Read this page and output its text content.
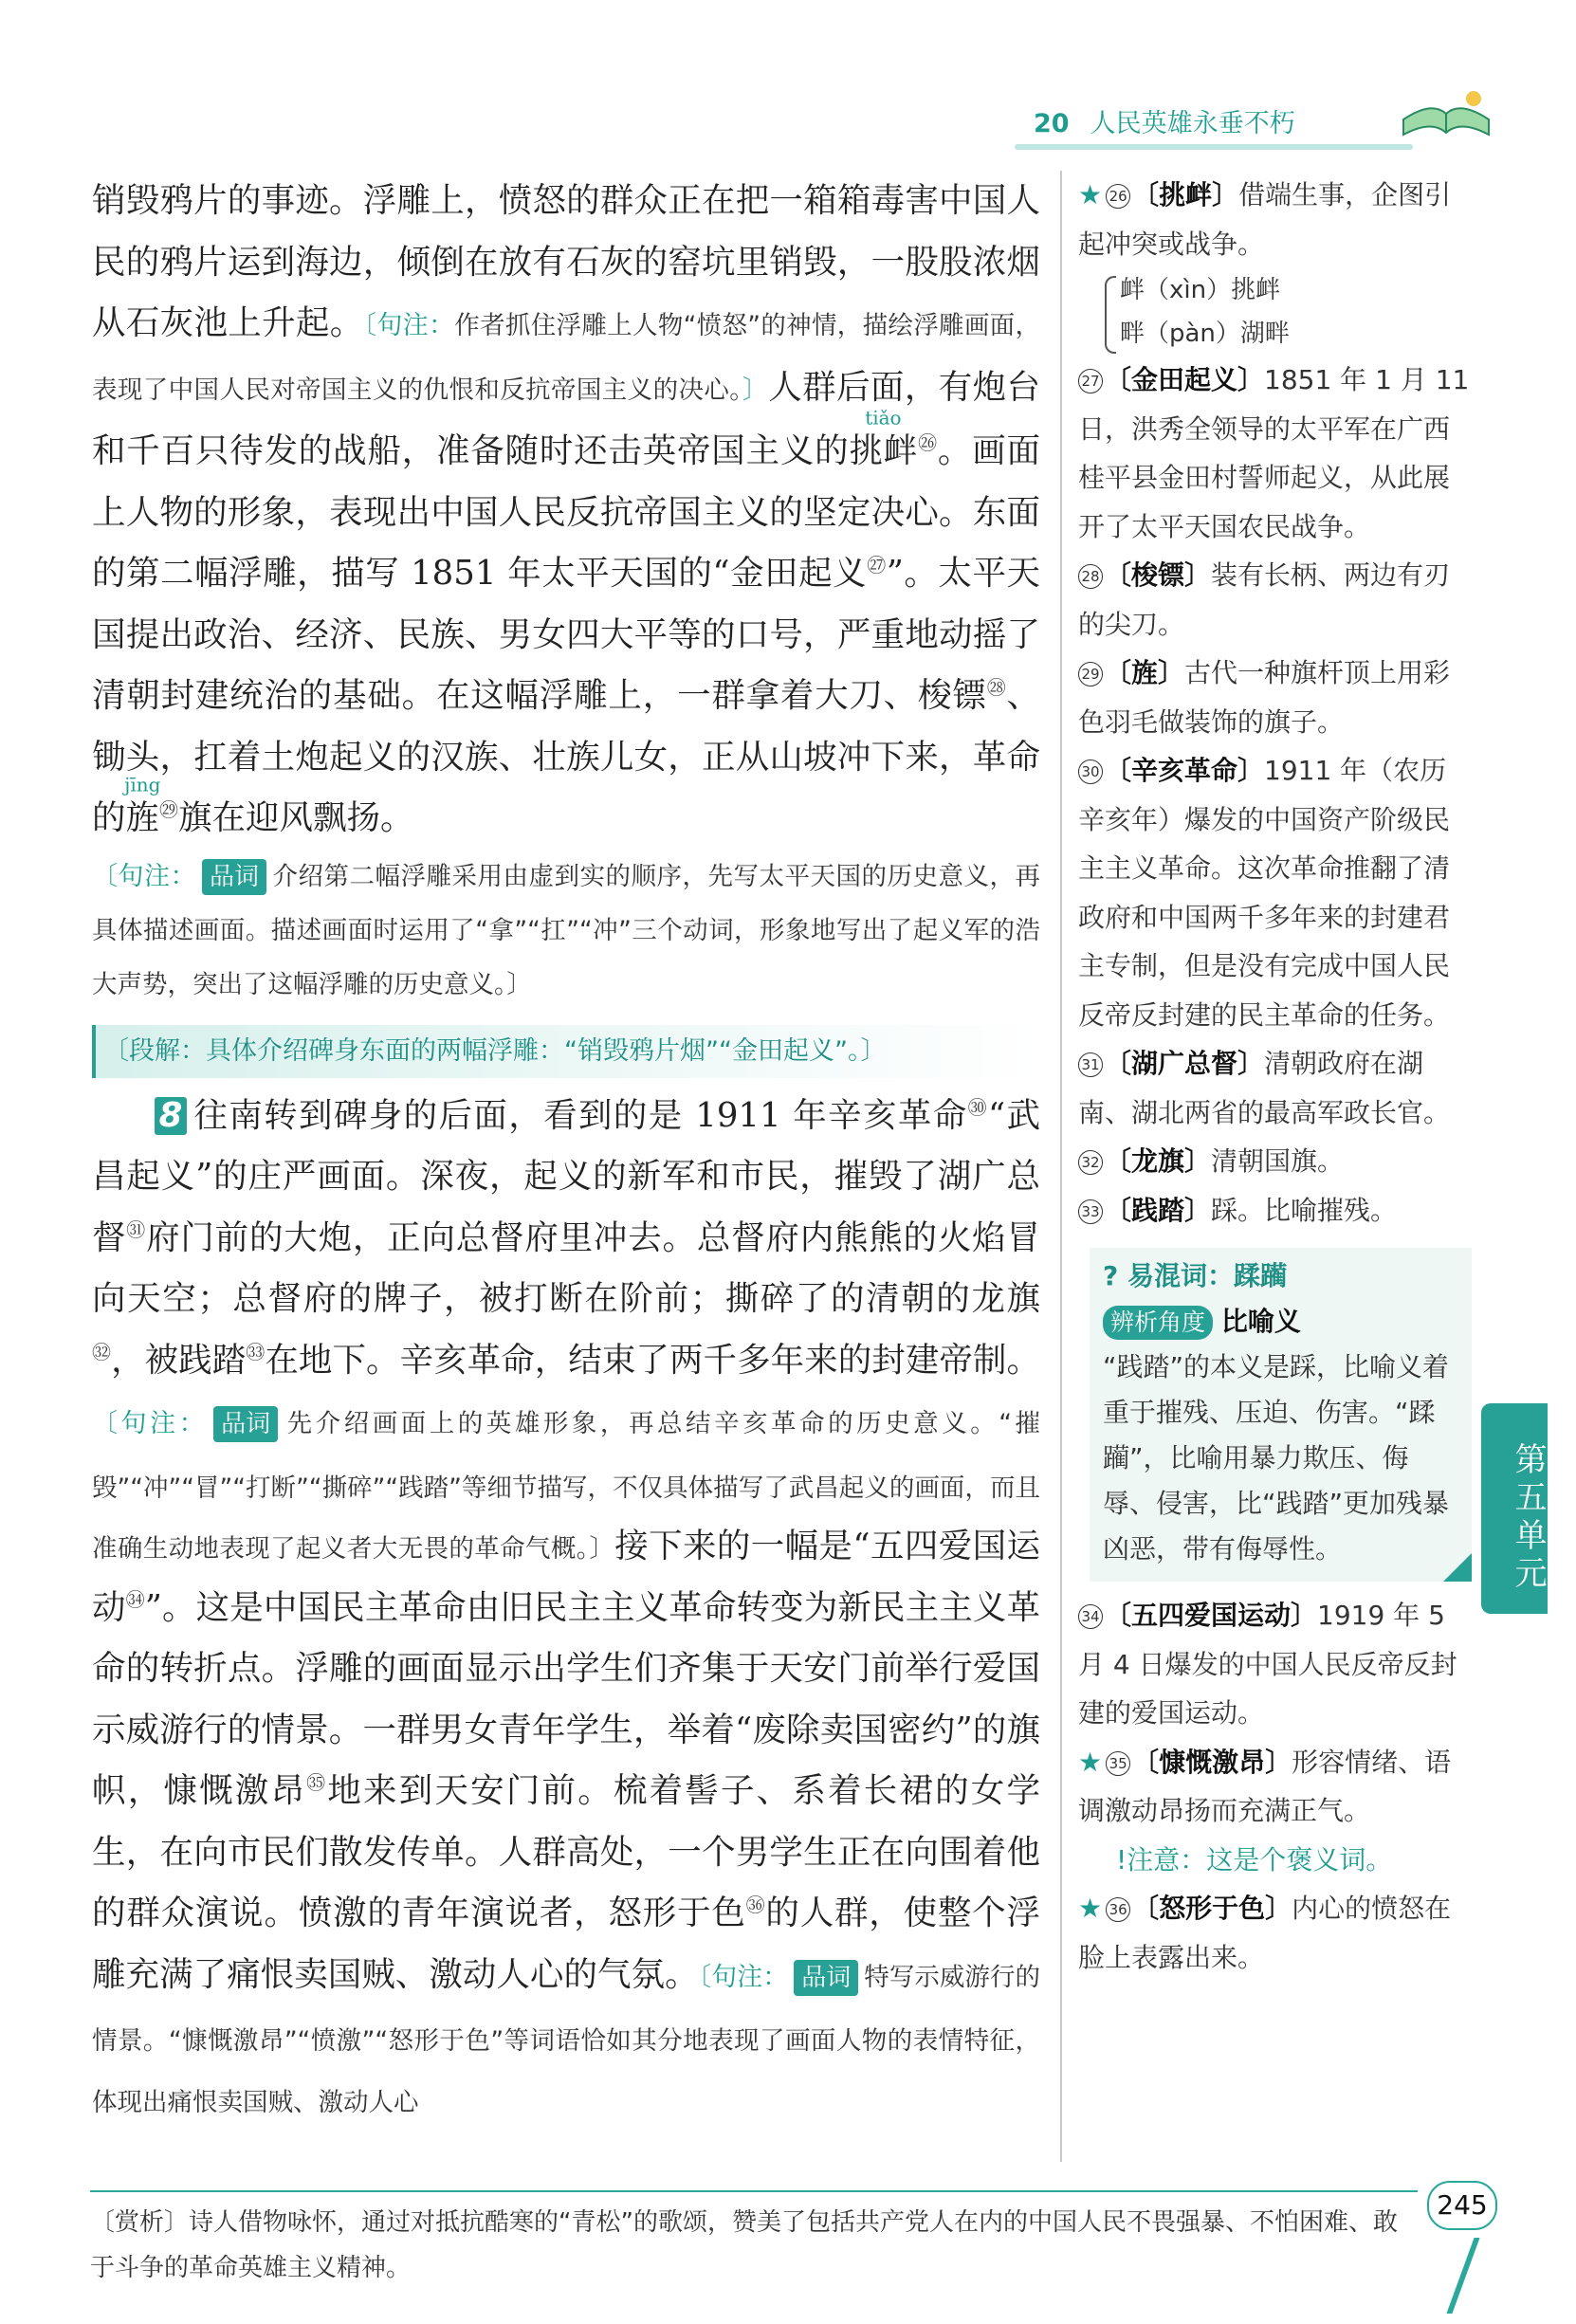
20 人民英雄永垂不朽

销毁鸦片的事迹。浮雕上，愤怒的群众正在把一箱箱毒害中国人民的鸦片运到海边，倾倒在放有石灰的窑坑里销毁，一股股浓烟从石灰池上升起。〔句注：作者抓住浮雕上人物“愤怒”的神情，描绘浮雕画面，表现了中国人民对帝国主义的仇恨和反抗帝国主义的决心。〕人群后面，有炮台和千百只待发的战船，准备随时还击英帝国主义的挑衅tiǎo$^㉖$。画面上人物的形象，表现出中国人民反抗帝国主义的坚定决心。东面的第二幅浮雕，描写 1851 年太平天国的“金田起义$^㉗$”。太平天国提出政治、经济、民族、男女四大平等的口号，严重地动摇了清朝封建统治的基础。在这幅浮雕上，一群拿着大刀、梭镖$^㉘$、锄头，扛着土炮起义的汉族、壮族儿女，正从山坡冲下来，革命的旌jīng$^㉙$旗在迎风飘扬。

〔句注： 品词 介绍第二幅浮雕采用由虚到实的顺序，先写太平天国的历史意义，再具体描述画面。描述画面时运用了“拿”“扛”“冲”三个动词，形象地写出了起义军的浩大声势，突出了这幅浮雕的历史意义。〕

〔段解：具体介绍碑身东面的两幅浮雕：“销毁鸦片烟”“金田起义”。〕

8 往南转到碑身的后面，看到的是 1911 年辛亥革命$^㉚$“武昌起义”的庄严画面。深夜，起义的新军和市民，摧毁了湖广总督$^㉛$府门前的大炮，正向总督府里冲去。总督府内熊熊的火焰冒向天空；总督府的牌子，被打断在阶前；撕碎了的清朝的龙旗$^㉜$，被践踏$^㉝$在地下。辛亥革命，结束了两千多年来的封建帝制。〔句注： 品词 先介绍画面上的英雄形象，再总结辛亥革命的历史意义。“摧毁”“冲”“冒”“打断”“撕碎”“践踏”等细节描写，不仅具体描写了武昌起义的画面，而且准确生动地表现了起义者大无畏的革命气概。〕接下来的一幅是“五四爱国运动$^㉞$”。这是中国民主革命由旧民主主义革命转变为新民主主义革命的转折点。浮雕的画面显示出学生们齐集于天安门前举行爱国示威游行的情景。一群男女青年学生，举着“废除卖国密约”的旗帜，慷慨激昂$^㉟$地来到天安门前。梳着髻子、系着长裙的女学生，在向市民们散发传单。人群高处，一个男学生正在向围着他的群众演说。愤激的青年演说者，怒形于色$^㊱$的人群，使整个浮雕充满了痛恨卖国贼、激动人心的气氛。〔句注： 品词 特写示威游行的情景。“慷慨激昂”“愤激”“怒形于色”等词语恰如其分地表现了画面人物的表情特征，体现出痛恨卖国贼、激动人心

★ 26 〔挑衅〕借端生事，企图引起冲突或战争。

衅（xìn）挑衅
畔（pàn）湖畔

27 〔金田起义〕1851 年 1 月 11 日，洪秀全领导的太平军在广西桂平县金田村誓师起义，从此展开了太平天国农民战争。

28 〔梭镖〕装有长柄、两边有刃的尖刀。

29 〔旌〕古代一种旗杆顶上用彩色羽毛做装饰的旗子。

30 〔辛亥革命〕1911 年（农历辛亥年）爆发的中国资产阶级民主主义革命。这次革命推翻了清政府和中国两千多年来的封建君主专制，但是没有完成中国人民反帝反封建的民主革命的任务。

31 〔湖广总督〕清朝政府在湖南、湖北两省的最高军政长官。

32 〔龙旗〕清朝国旗。

33 〔践踏〕踩。比喻摧残。

? 易混词：蹂躏
辨析角度 比喻义
“践踏”的本义是踩，比喻义着重于摧残、压迫、伤害。“蹂躏”，比喻用暴力欺压、侮辱、侵害，比“践踏”更加残暴凶恶，带有侮辱性。

34 〔五四爱国运动〕1919 年 5 月 4 日爆发的中国人民反帝反封建的爱国运动。

★ 35 〔慷慨激昂〕形容情绪、语调激动昂扬而充满正气。

!注意：这是个褒义词。

★ 36 〔怒形于色〕内心的愤怒在脸上表露出来。

第五单元
〔赏析〕诗人借物咏怀，通过对抵抗酷寒的“青松”的歌颂，赞美了包括共产党人在内的中国人民不畏强暴、不怕困难、敢于斗争的革命英雄主义精神。
245
